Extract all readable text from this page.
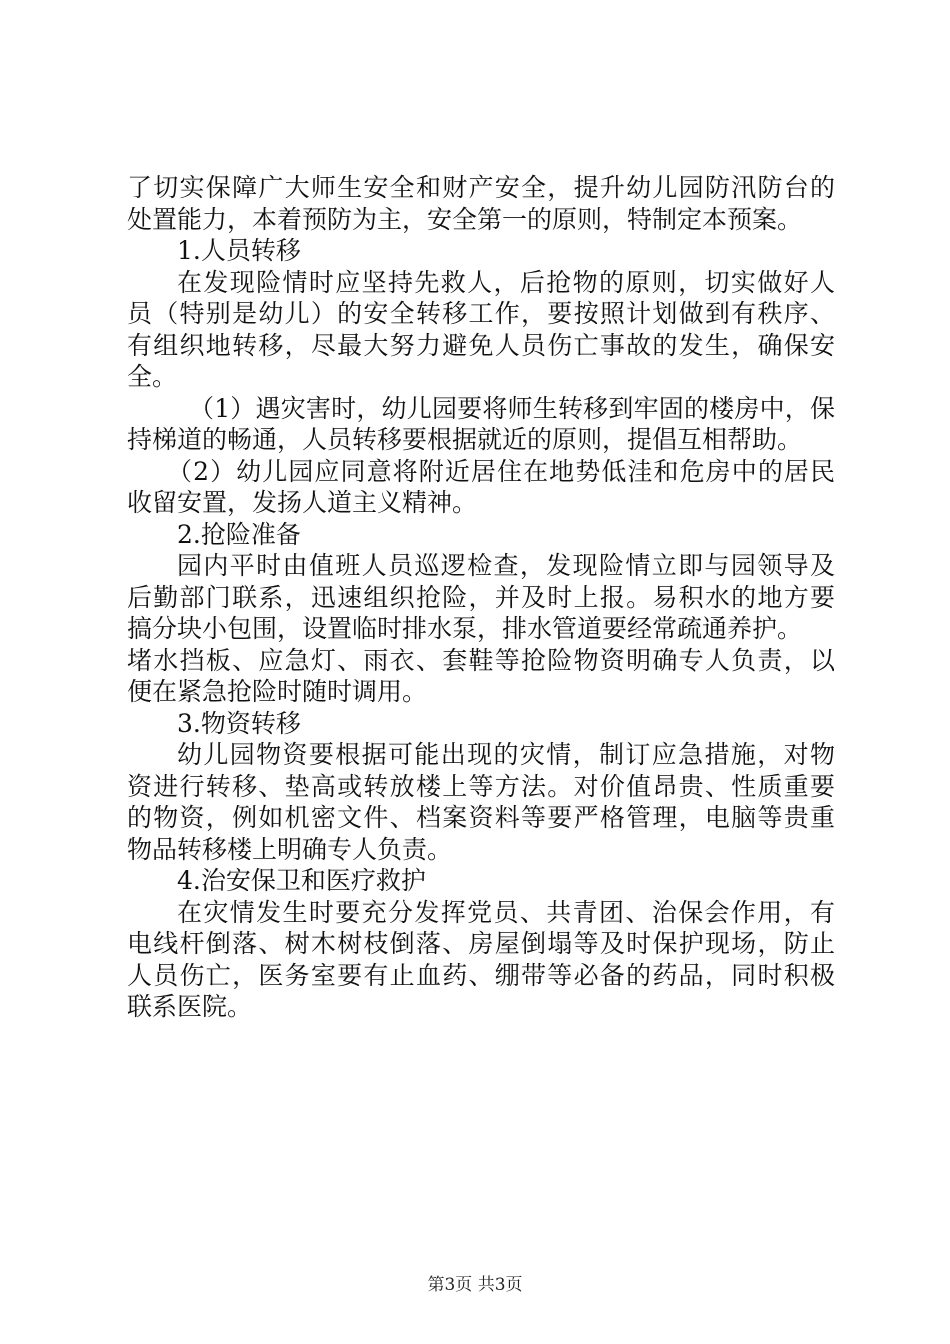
了切实保障广大师生安全和财产安全，提升幼儿园防汛防台的

处置能力，本着预防为主，安全第一的原则，特制定本预案。

1.人员转移

在发现险情时应坚持先救人，后抢物的原则，切实做好人

员（特别是幼儿）的安全转移工作，要按照计划做到有秩序、

有组织地转移，尽最大努力避免人员伤亡事故的发生，确保安

全。

（1）遇灾害时，幼儿园要将师生转移到牢固的楼房中，保

持梯道的畅通，人员转移要根据就近的原则，提倡互相帮助。

（2）幼儿园应同意将附近居住在地势低洼和危房中的居民

收留安置，发扬人道主义精神。

2.抢险准备

园内平时由值班人员巡逻检查，发现险情立即与园领导及

后勤部门联系，迅速组织抢险，并及时上报。易积水的地方要

搞分块小包围，设置临时排水泵，排水管道要经常疏通养护。

堵水挡板、应急灯、雨衣、套鞋等抢险物资明确专人负责，以

便在紧急抢险时随时调用。

3.物资转移

幼儿园物资要根据可能出现的灾情，制订应急措施，对物

资进行转移、垫高或转放楼上等方法。对价值昂贵、性质重要

的物资，例如机密文件、档案资料等要严格管理，电脑等贵重

物品转移楼上明确专人负责。

4.治安保卫和医疗救护

在灾情发生时要充分发挥党员、共青团、治保会作用，有

电线杆倒落、树木树枝倒落、房屋倒塌等及时保护现场，防止

人员伤亡，医务室要有止血药、绷带等必备的药品，同时积极

联系医院。

第3页 共3页
